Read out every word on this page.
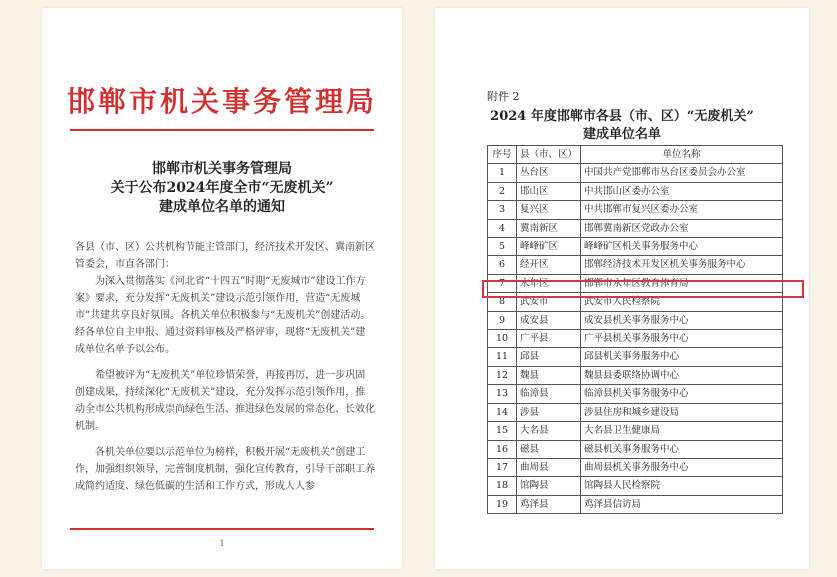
邯郸市机关事务管理局
邯郸市机关事务管理局
关于公布2024年度全市“无废机关”
建成单位名单的通知
各县（市、区）公共机构节能主管部门，经济技术开发区、冀南新区管委会，市直各部门：
为深入贯彻落实《河北省“十四五”时期“无废城市”建设工作方案》要求，充分发挥“无废机关”建设示范引领作用，营造“无废城市”共建共享良好氛围。各机关单位积极参与“无废机关”创建活动。经各单位自主申报、通过资料审核及严格评审，现将“无废机关”建成单位名单予以公布。
希望被评为“无废机关”单位珍惜荣誉，再接再厉，进一步巩固创建成果，持续深化“无废机关”建设，充分发挥示范引领作用，推动全市公共机构形成崇尚绿色生活、推进绿色发展的常态化、长效化机制。
各机关单位要以示范单位为榜样，积极开展“无废机关”创建工作，加强组织领导，完善制度机制，强化宣传教育，引导干部职工养成简约适度、绿色低碳的生活和工作方式，形成人人参
1
附件 2
2024 年度邯郸市各县（市、区）“无废机关”
建成单位名单
序号	县（市、区）	单位名称
1	丛台区	中国共产党邯郸市丛台区委员会办公室
2	邯山区	中共邯山区委办公室
3	复兴区	中共邯郸市复兴区委办公室
4	冀南新区	邯郸冀南新区党政办公室
5	峰峰矿区	峰峰矿区机关事务服务中心
6	经开区	邯郸经济技术开发区机关事务服务中心
7	永年区	邯郸市永年区教育体育局
8	武安市	武安市人民检察院
9	成安县	成安县机关事务服务中心
10	广平县	广平县机关事务服务中心
11	邱县	邱县机关事务服务中心
12	魏县	魏县县委联络协调中心
13	临漳县	临漳县机关事务服务中心
14	涉县	涉县住房和城乡建设局
15	大名县	大名县卫生健康局
16	磁县	磁县机关事务服务中心
17	曲周县	曲周县机关事务服务中心
18	馆陶县	馆陶县人民检察院
19	鸡泽县	鸡泽县信访局
